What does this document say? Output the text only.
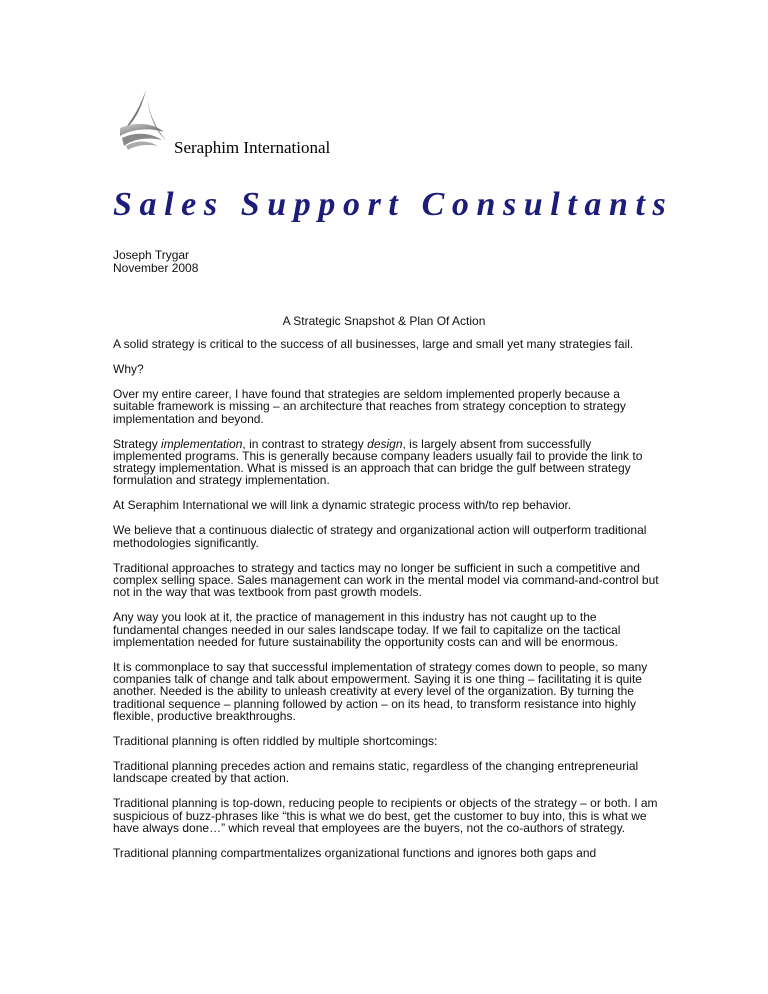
Seraphim International
Sales Support Consultants
Joseph Trygar
November 2008
A Strategic Snapshot & Plan Of Action

A solid strategy is critical to the success of all businesses, large and small yet many strategies fail.

Why?

Over my entire career, I have found that strategies are seldom implemented properly because a suitable framework is missing – an architecture that reaches from strategy conception to strategy implementation and beyond.

Strategy implementation, in contrast to strategy design, is largely absent from successfully implemented programs. This is generally because company leaders usually fail to provide the link to strategy implementation. What is missed is an approach that can bridge the gulf between strategy formulation and strategy implementation.

At Seraphim International we will link a dynamic strategic process with/to rep behavior.

We believe that a continuous dialectic of strategy and organizational action will outperform traditional methodologies significantly.

Traditional approaches to strategy and tactics may no longer be sufficient in such a competitive and complex selling space. Sales management can work in the mental model via command-and-control but not in the way that was textbook from past growth models.

Any way you look at it, the practice of management in this industry has not caught up to the fundamental changes needed in our sales landscape today. If we fail to capitalize on the tactical implementation needed for future sustainability the opportunity costs can and will be enormous.

It is commonplace to say that successful implementation of strategy comes down to people, so many companies talk of change and talk about empowerment. Saying it is one thing – facilitating it is quite another. Needed is the ability to unleash creativity at every level of the organization. By turning the traditional sequence – planning followed by action – on its head, to transform resistance into highly flexible, productive breakthroughs.

Traditional planning is often riddled by multiple shortcomings:

Traditional planning precedes action and remains static, regardless of the changing entrepreneurial landscape created by that action.

Traditional planning is top-down, reducing people to recipients or objects of the strategy – or both. I am suspicious of buzz-phrases like “this is what we do best, get the customer to buy into, this is what we have always done…” which reveal that employees are the buyers, not the co-authors of strategy.

Traditional planning compartmentalizes organizational functions and ignores both gaps and
